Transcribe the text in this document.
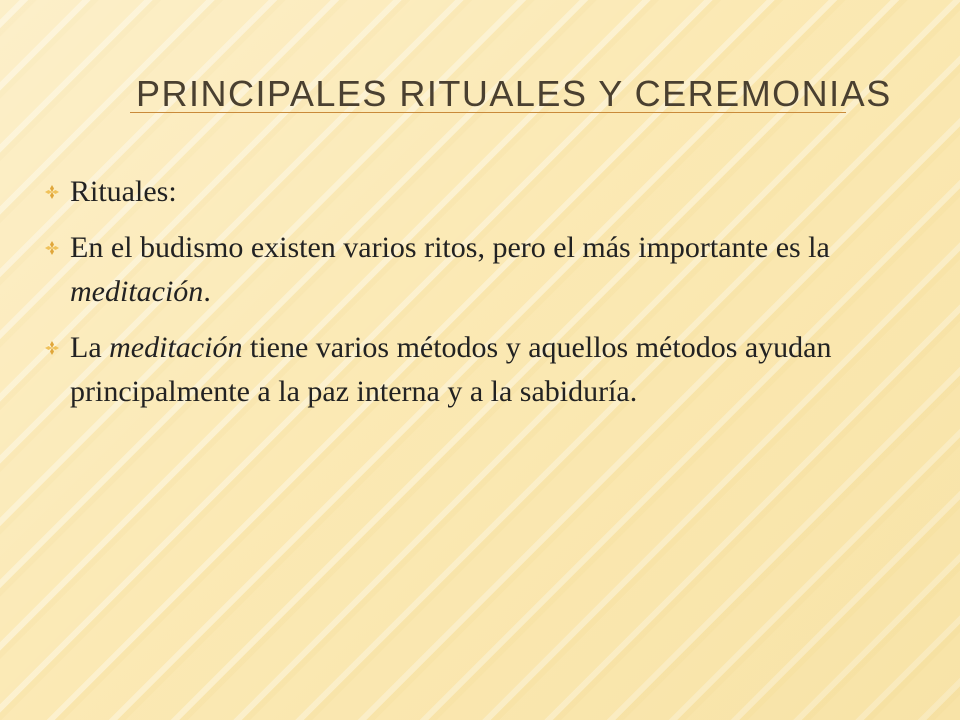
PRINCIPALES RITUALES Y CEREMONIAS
Rituales:
En el budismo existen varios ritos, pero el más importante es la meditación.
La meditación tiene varios métodos y aquellos métodos ayudan principalmente a la paz interna y a la sabiduría.
